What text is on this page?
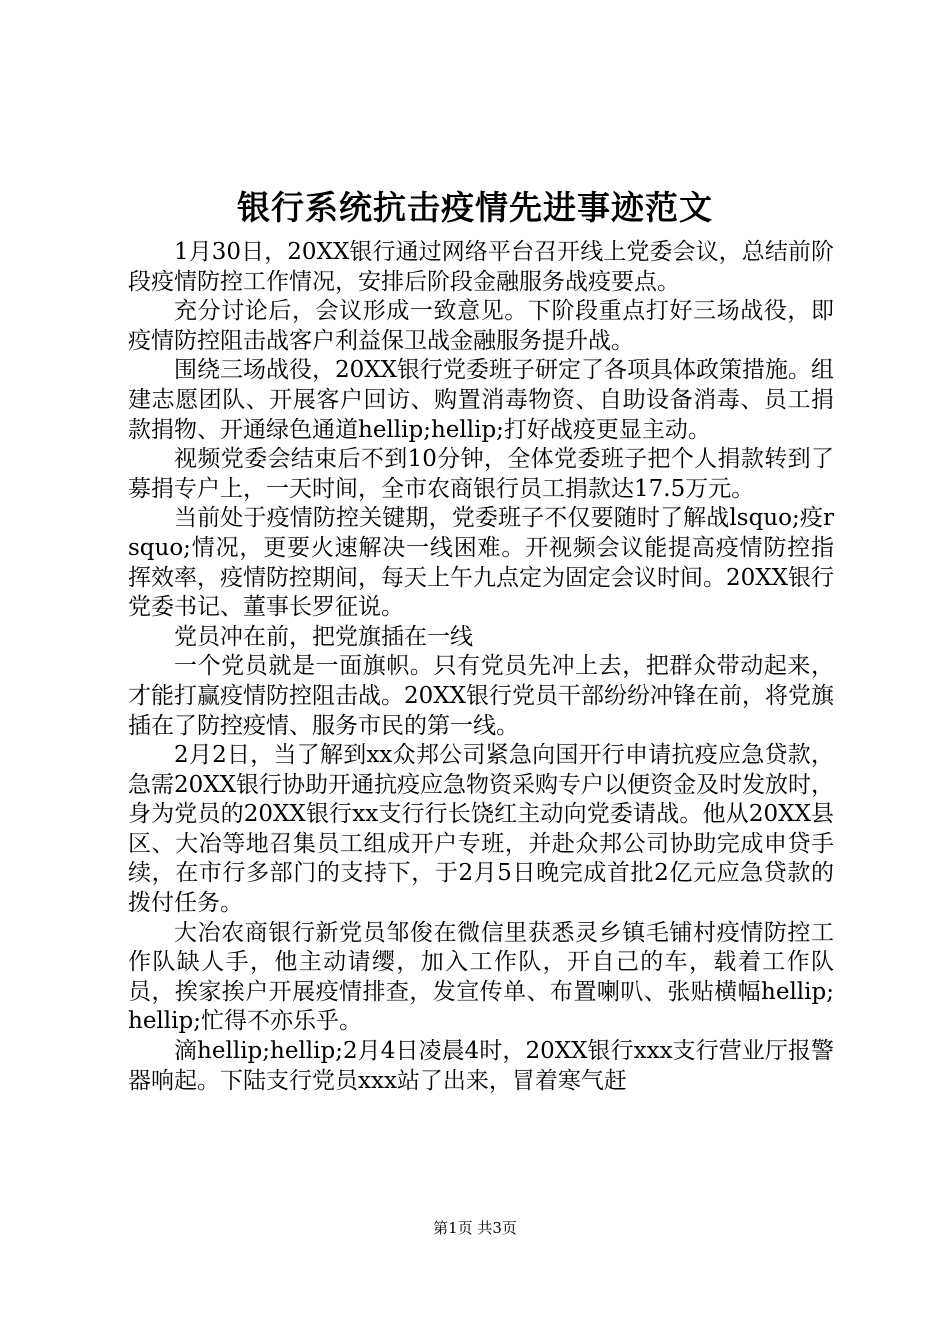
银行系统抗击疫情先进事迹范文

1月30日，20XX银行通过网络平台召开线上党委会议，总结前阶段疫情防控工作情况，安排后阶段金融服务战疫要点。

充分讨论后，会议形成一致意见。下阶段重点打好三场战役，即疫情防控阻击战客户利益保卫战金融服务提升战。

围绕三场战役，20XX银行党委班子研定了各项具体政策措施。组建志愿团队、开展客户回访、购置消毒物资、自助设备消毒、员工捐款捐物、开通绿色通道hellip;hellip;打好战疫更显主动。

视频党委会结束后不到10分钟，全体党委班子把个人捐款转到了募捐专户上，一天时间，全市农商银行员工捐款达17.5万元。

当前处于疫情防控关键期，党委班子不仅要随时了解战lsquo;疫rsquo;情况，更要火速解决一线困难。开视频会议能提高疫情防控指挥效率，疫情防控期间，每天上午九点定为固定会议时间。20XX银行党委书记、董事长罗征说。

党员冲在前，把党旗插在一线

一个党员就是一面旗帜。只有党员先冲上去，把群众带动起来，才能打赢疫情防控阻击战。20XX银行党员干部纷纷冲锋在前，将党旗插在了防控疫情、服务市民的第一线。

2月2日，当了解到xx众邦公司紧急向国开行申请抗疫应急贷款，急需20XX银行协助开通抗疫应急物资采购专户以便资金及时发放时，身为党员的20XX银行xx支行行长饶红主动向党委请战。他从20XX县区、大冶等地召集员工组成开户专班，并赴众邦公司协助完成申贷手续，在市行多部门的支持下，于2月5日晚完成首批2亿元应急贷款的拨付任务。

大冶农商银行新党员邹俊在微信里获悉灵乡镇毛铺村疫情防控工作队缺人手，他主动请缨，加入工作队，开自己的车，载着工作队员，挨家挨户开展疫情排查，发宣传单、布置喇叭、张贴横幅hellip;hellip;忙得不亦乐乎。

滴hellip;hellip;2月4日凌晨4时，20XX银行xxx支行营业厅报警器响起。下陆支行党员xxx站了出来，冒着寒气赶

第1页 共3页
